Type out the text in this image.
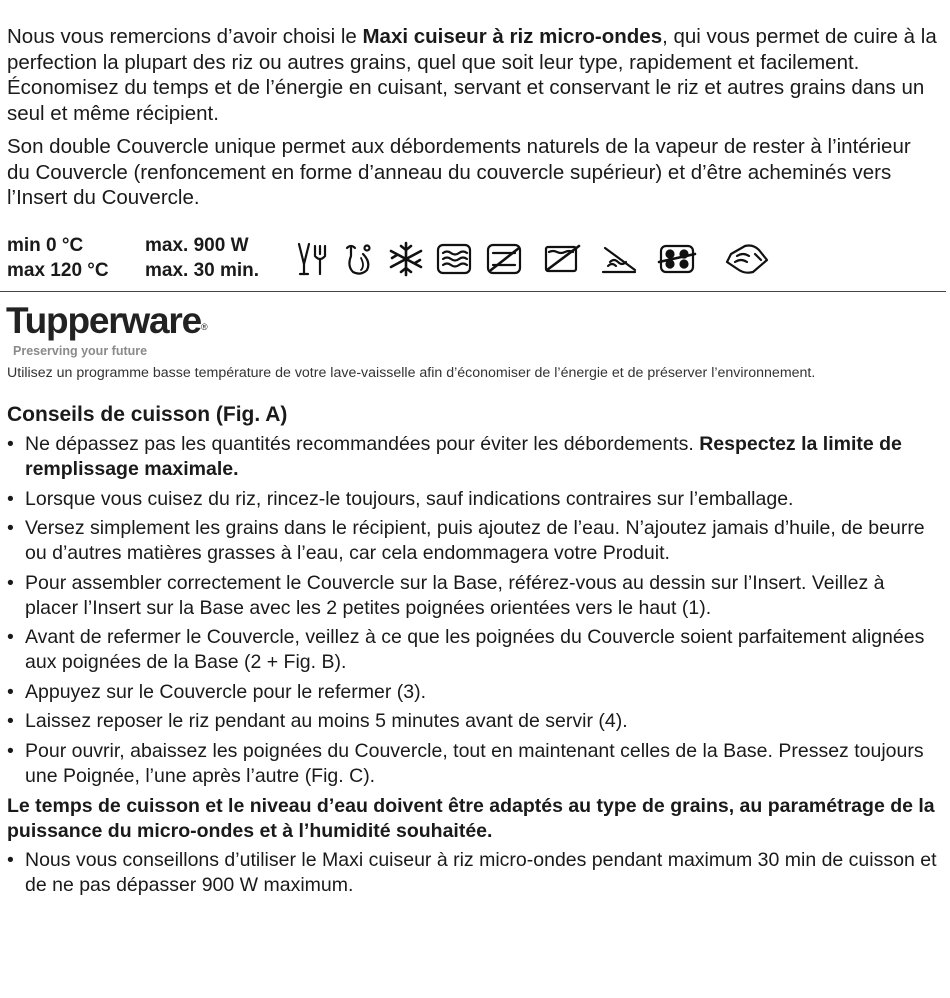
Nous vous remercions d’avoir choisi le Maxi cuiseur à riz micro-ondes, qui vous permet de cuire à la perfection la plupart des riz ou autres grains, quel que soit leur type, rapidement et facilement. Économisez du temps et de l’énergie en cuisant, servant et conservant le riz et autres grains dans un seul et même récipient.

Son double Couvercle unique permet aux débordements naturels de la vapeur de rester à l’intérieur du Couvercle (renfoncement en forme d’anneau du couvercle supérieur) et d’être acheminés vers l’Insert du Couvercle.

min 0 °C
max 120 °C
max. 900 W
max. 30 min.
Tupperware®
Preserving your future
Utilisez un programme basse température de votre lave-vaisselle afin d’économiser de l’énergie et de préserver l’environnement.
Conseils de cuisson (Fig. A)
• Ne dépassez pas les quantités recommandées pour éviter les débordements. Respectez la limite de remplissage maximale.
• Lorsque vous cuisez du riz, rincez-le toujours, sauf indications contraires sur l’emballage.
• Versez simplement les grains dans le récipient, puis ajoutez de l’eau. N’ajoutez jamais d’huile, de beurre ou d’autres matières grasses à l’eau, car cela endommagera votre Produit.
• Pour assembler correctement le Couvercle sur la Base, référez-vous au dessin sur l’Insert. Veillez à placer l’Insert sur la Base avec les 2 petites poignées orientées vers le haut (1).
• Avant de refermer le Couvercle, veillez à ce que les poignées du Couvercle soient parfaitement alignées aux poignées de la Base (2 + Fig. B).
• Appuyez sur le Couvercle pour le refermer (3).
• Laissez reposer le riz pendant au moins 5 minutes avant de servir (4).
• Pour ouvrir, abaissez les poignées du Couvercle, tout en maintenant celles de la Base. Pressez toujours une Poignée, l’une après l’autre (Fig. C).
Le temps de cuisson et le niveau d’eau doivent être adaptés au type de grains, au paramétrage de la puissance du micro-ondes et à l’humidité souhaitée.
• Nous vous conseillons d’utiliser le Maxi cuiseur à riz micro-ondes pendant maximum 30 min de cuisson et de ne pas dépasser 900 W maximum.
